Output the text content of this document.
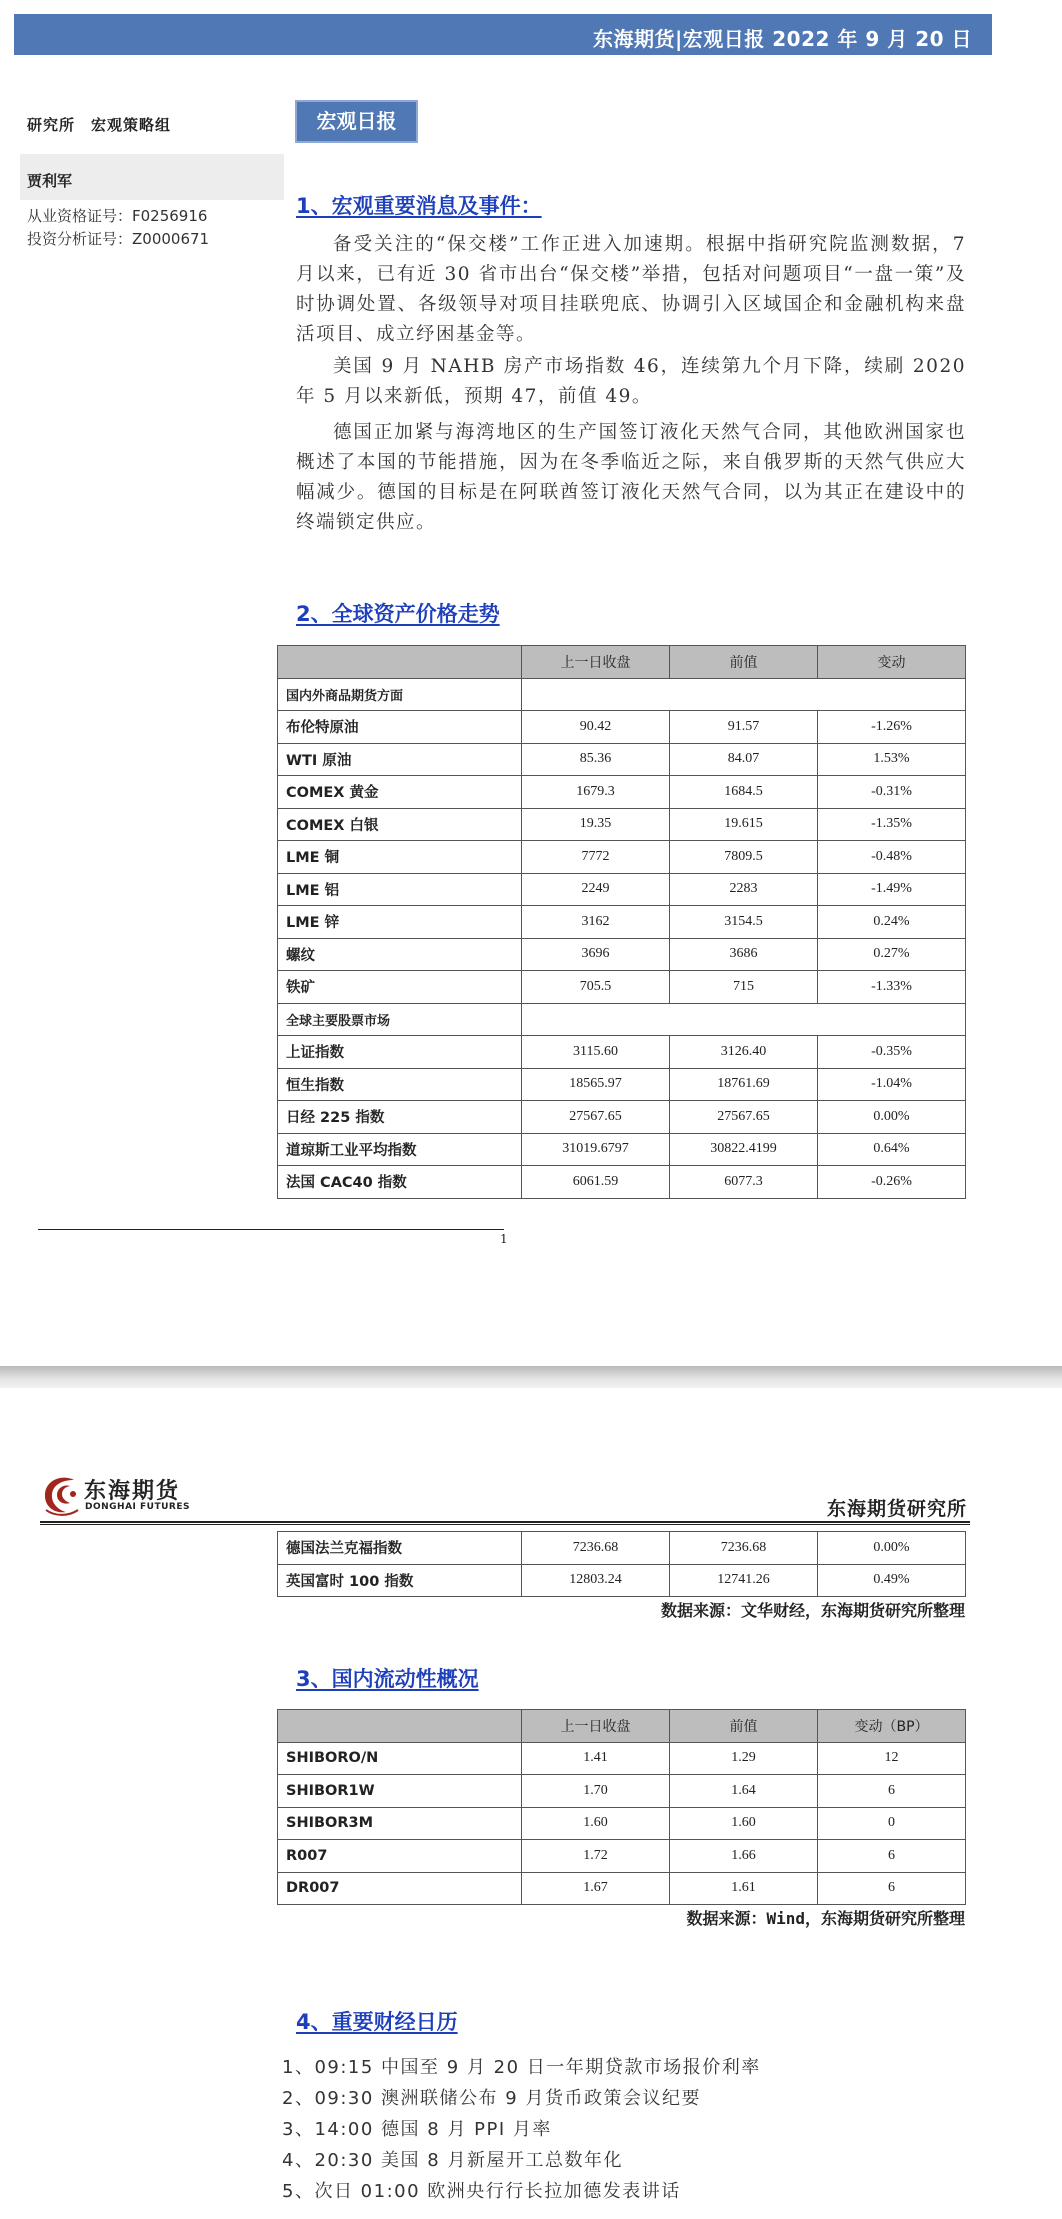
东海期货|宏观日报 2022 年 9 月 20 日
研究所　宏观策略组
贾利军
从业资格证号：F0256916
投资分析证号：Z0000671
宏观日报
1、宏观重要消息及事件：

备受关注的“保交楼”工作正进入加速期。根据中指研究院监测数据，7 月以来，已有近 30 省市出台“保交楼”举措，包括对问题项目“一盘一策”及时协调处置、各级领导对项目挂联兜底、协调引入区域国企和金融机构来盘活项目、成立纾困基金等。

美国 9 月 NAHB 房产市场指数 46，连续第九个月下降，续刷 2020 年 5 月以来新低，预期 47，前值 49。

德国正加紧与海湾地区的生产国签订液化天然气合同，其他欧洲国家也概述了本国的节能措施，因为在冬季临近之际，来自俄罗斯的天然气供应大幅减少。德国的目标是在阿联酋签订液化天然气合同，以为其正在建设中的终端锁定供应。

2、全球资产价格走势
	上一日收盘	前值	变动
国内外商品期货方面			
布伦特原油	90.42	91.57	-1.26%
WTI 原油	85.36	84.07	1.53%
COMEX 黄金	1679.3	1684.5	-0.31%
COMEX 白银	19.35	19.615	-1.35%
LME 铜	7772	7809.5	-0.48%
LME 铝	2249	2283	-1.49%
LME 锌	3162	3154.5	0.24%
螺纹	3696	3686	0.27%
铁矿	705.5	715	-1.33%
全球主要股票市场			
上证指数	3115.60	3126.40	-0.35%
恒生指数	18565.97	18761.69	-1.04%
日经 225 指数	27567.65	27567.65	0.00%
道琼斯工业平均指数	31019.6797	30822.4199	0.64%
法国 CAC40 指数	6061.59	6077.3	-0.26%
1
东海期货
DONGHAI FUTURES	东海期货研究所
德国法兰克福指数	7236.68	7236.68	0.00%
英国富时 100 指数	12803.24	12741.26	0.49%
数据来源：文华财经，东海期货研究所整理
3、国内流动性概况
	上一日收盘	前值	变动（BP）
SHIBORO/N	1.41	1.29	12
SHIBOR1W	1.70	1.64	6
SHIBOR3M	1.60	1.60	0
R007	1.72	1.66	6
DR007	1.67	1.61	6
数据来源：Wind，东海期货研究所整理
4、重要财经日历
1、09:15 中国至 9 月 20 日一年期贷款市场报价利率
2、09:30 澳洲联储公布 9 月货币政策会议纪要
3、14:00 德国 8 月 PPI 月率
4、20:30 美国 8 月新屋开工总数年化
5、次日 01:00 欧洲央行行长拉加德发表讲话
